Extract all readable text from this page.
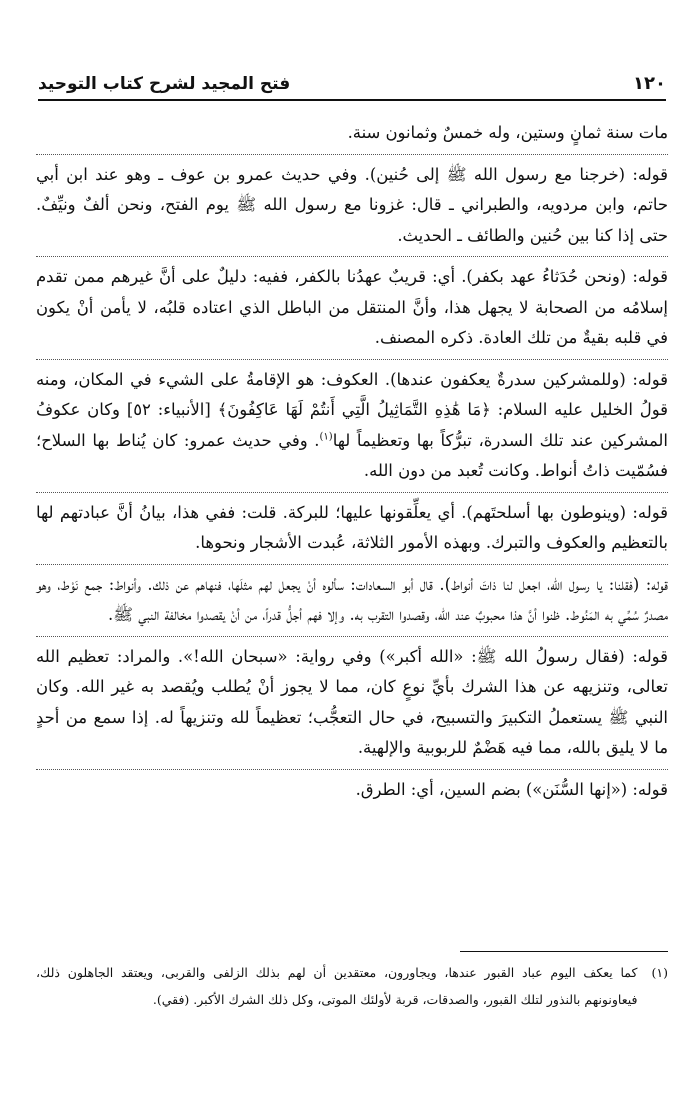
١٢٠
فتح المجيد لشرح كتاب التوحيد

مات سنة ثمانٍ وستين، وله خمسٌ وثمانون سنة.

قوله: (خرجنا مع رسول الله ﷺ إلى حُنين). وفي حديث عمرو بن عوف ـ وهو عند ابن أبي حاتم، وابن مردويه، والطبراني ـ قال: غزونا مع رسول الله ﷺ يوم الفتح، ونحن ألفٌ ونيِّفٌ. حتى إذا كنا بين حُنين والطائف ـ الحديث.

قوله: (ونحن حُدَثاءُ عهد بكفر). أي: قريبٌ عهدُنا بالكفر، ففيه: دليلٌ على أنَّ غيرهم ممن تقدم إسلامُه من الصحابة لا يجهل هذا، وأنَّ المنتقل من الباطل الذي اعتاده قلبُه، لا يأمن أنْ يكون في قلبه بقيةٌ من تلك العادة. ذكره المصنف.

قوله: (وللمشركين سدرةٌ يعكفون عندها). العكوف: هو الإقامةُ على الشيء في المكان، ومنه قولُ الخليل عليه السلام: ﴿مَا هَٰذِهِ التَّمَاثِيلُ الَّتِي أَنتُمْ لَهَا عَاكِفُونَ﴾ [الأنبياء: ٥٢] وكان عكوفُ المشركين عند تلك السدرة، تبرُّكاً بها وتعظيماً لها$^{(١)}$. وفي حديث عمرو: كان يُناط بها السلاح؛ فسُمّيت ذاتُ أنواط. وكانت تُعبد من دون الله.

قوله: (وينوطون بها أسلحتَهم). أي يعلِّقونها عليها؛ للبركة. قلت: ففي هذا، بيانُ أنَّ عبادتهم لها بالتعظيم والعكوف والتبرك. وبهذه الأمور الثلاثة، عُبدت الأشجار ونحوها.

قوله: (فقلنا: يا رسول الله، اجعل لنا ذاتَ أنواط). قال أبو السعادات: سألوه أنْ يجعل لهم مثلَها، فنهاهم عن ذلك. وأنواط: جمع نَوْط، وهو مصدرٌ سُمِّي به المَنُوط. ظنوا أنَّ هذا محبوبٌ عند الله، وقصدوا التقرب به. وإلا فهم أجلُّ قدراً، من أنْ يقصدوا مخالفة النبي ﷺ.

قوله: (فقال رسولُ الله ﷺ: «الله أكبر») وفي رواية: «سبحان الله!». والمراد: تعظيم الله تعالى، وتنزيهه عن هذا الشرك بأيِّ نوعٍ كان، مما لا يجوز أنْ يُطلب ويُقصد به غير الله. وكان النبي ﷺ يستعملُ التكبيرَ والتسبيح، في حال التعجُّب؛ تعظيماً لله وتنزيهاً له. إذا سمع من أحدٍ ما لا يليق بالله، مما فيه هَضْمٌ للربوبية والإلهية.

قوله: («إنها السُّنَن») بضم السين، أي: الطرق.

(١)
كما يعكف اليوم عباد القبور عندها، ويجاورون، معتقدين أن لهم بذلك الزلفى والقربى، ويعتقد الجاهلون ذلك، فيعاونونهم بالنذور لتلك القبور، والصدقات، قربة لأولئك الموتى، وكل ذلك الشرك الأكبر. (فقي).
